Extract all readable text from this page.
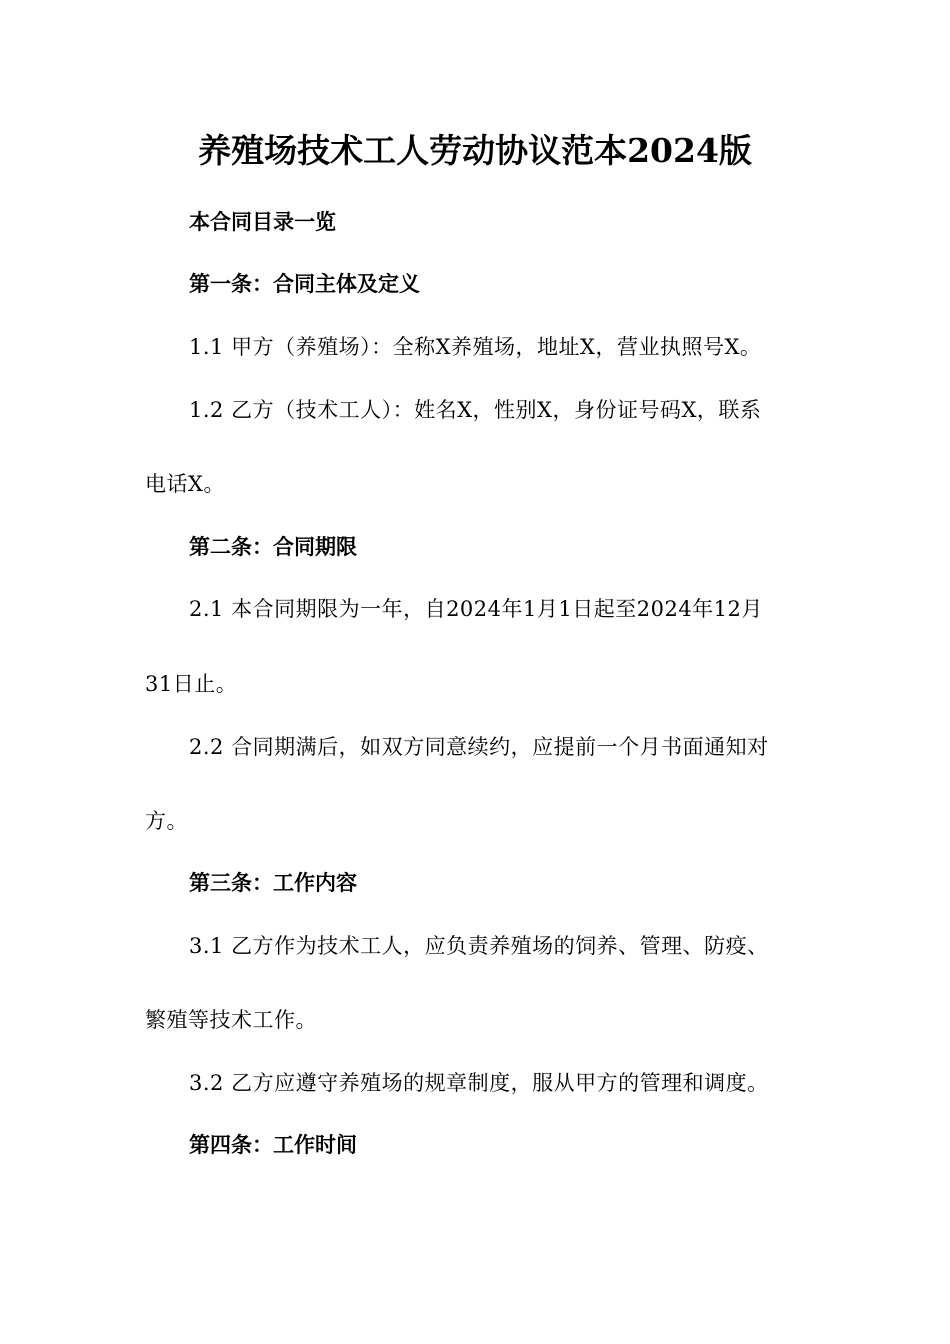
养殖场技术工人劳动协议范本2024版
本合同目录一览
第一条：合同主体及定义
1.1 甲方（养殖场）：全称X养殖场，地址X，营业执照号X。
1.2 乙方（技术工人）：姓名X，性别X，身份证号码X，联系
电话X。
第二条：合同期限
2.1 本合同期限为一年，自2024年1月1日起至2024年12月
31日止。
2.2 合同期满后，如双方同意续约，应提前一个月书面通知对
方。
第三条：工作内容
3.1 乙方作为技术工人，应负责养殖场的饲养、管理、防疫、
繁殖等技术工作。
3.2 乙方应遵守养殖场的规章制度，服从甲方的管理和调度。
第四条：工作时间
